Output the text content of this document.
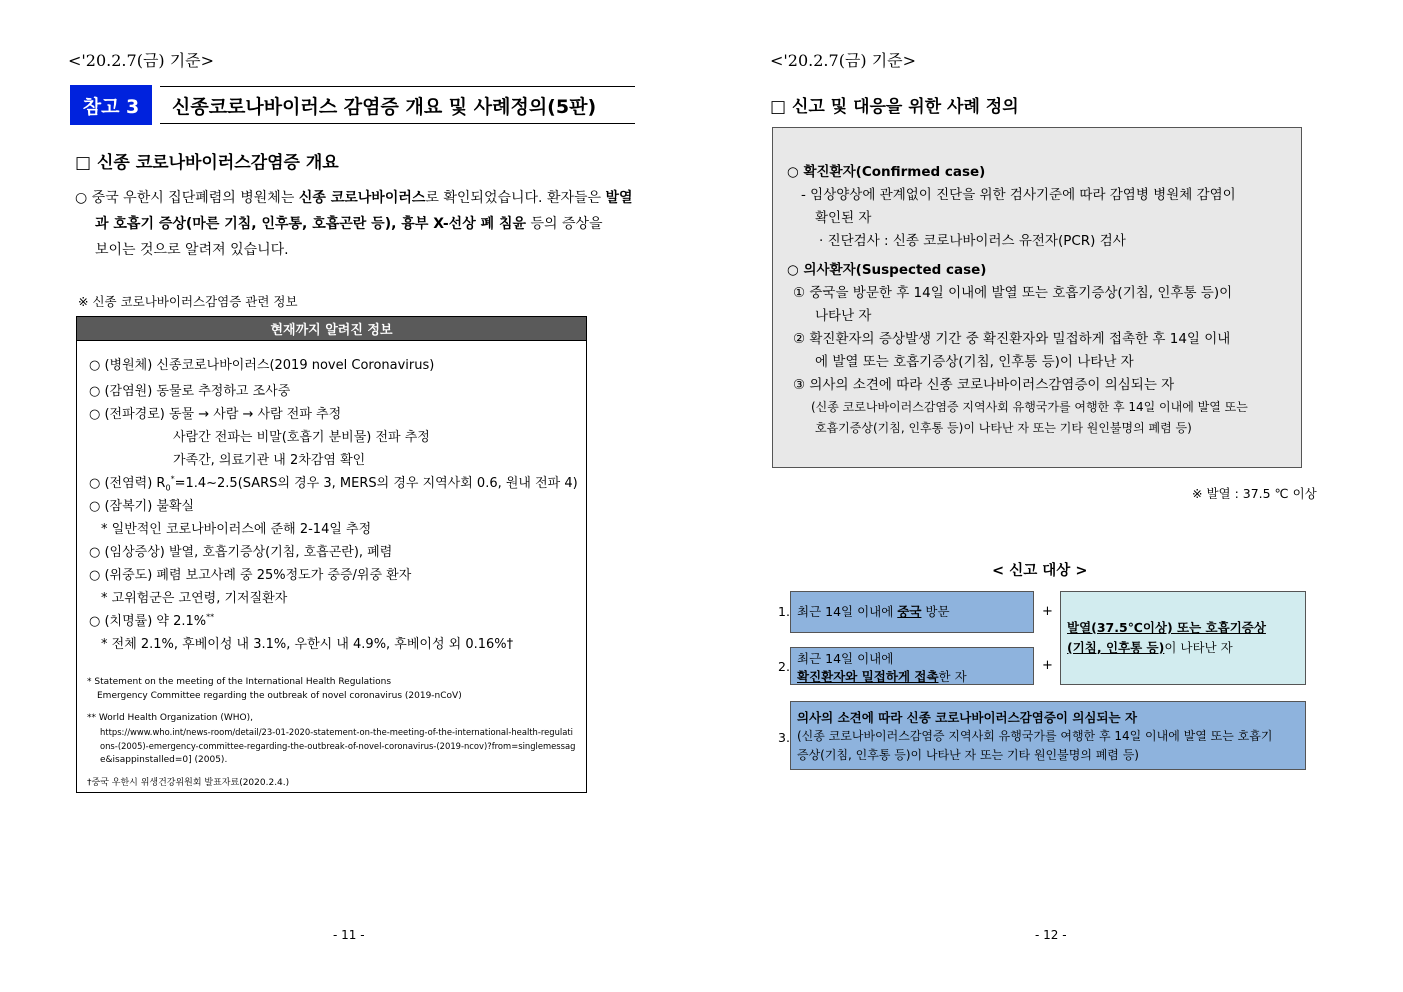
<'20.2.7(금) 기준>
참고 3	신종코로나바이러스 감염증 개요 및 사례정의(5판)
□ 신종 코로나바이러스감염증 개요
○ 중국 우한시 집단폐렴의 병원체는 신종 코로나바이러스로 확인되었습니다. 환자들은 발열
과 호흡기 증상(마른 기침, 인후통, 호흡곤란 등), 흉부 X-선상 폐 침윤 등의 증상을
보이는 것으로 알려져 있습니다.
※ 신종 코로나바이러스감염증 관련 정보
현재까지 알려진 정보
○ (병원체) 신종코로나바이러스(2019 novel Coronavirus)
○ (감염원) 동물로 추정하고 조사중
○ (전파경로) 동물 → 사람 → 사람 전파 추정
사람간 전파는 비말(호흡기 분비물) 전파 추정
가족간, 의료기관 내 2차감염 확인
○ (전염력) $R_0^*=1.4\sim 2.5(SARS$의 경우 3, MERS의 경우 지역사회 0.6, 원내 전파 4)
○ (잠복기) 불확실
* 일반적인 코로나바이러스에 준해 2-14일 추정
○ (임상증상) 발열, 호흡기증상(기침, 호흡곤란), 폐렴
○ (위중도) 폐렴 보고사례 중 25%정도가 중증/위중 환자
* 고위험군은 고연령, 기저질환자
○ (치명률) 약 2.1%**
* 전체 2.1%, 후베이성 내 3.1%, 우한시 내 4.9%, 후베이성 외 0.16%†
* Statement on the meeting of the International Health Regulations
Emergency Committee regarding the outbreak of novel coronavirus (2019-nCoV)
** World Health Organization (WHO),
https://www.who.int/news-room/detail/23-01-2020-statement-on-the-meeting-of-the-international-health-regulati
ons-(2005)-emergency-committee-regarding-the-outbreak-of-novel-coronavirus-(2019-ncov)?from=singlemessag
e&isappinstalled=0] (2005).
†중국 우한시 위생건강위원회 발표자료(2020.2.4.)
- 11 -
<'20.2.7(금) 기준>
□ 신고 및 대응을 위한 사례 정의
○ 확진환자(Confirmed case)
- 임상양상에 관계없이 진단을 위한 검사기준에 따라 감염병 병원체 감염이
확인된 자
· 진단검사 : 신종 코로나바이러스 유전자(PCR) 검사
○ 의사환자(Suspected case)
① 중국을 방문한 후 14일 이내에 발열 또는 호흡기증상(기침, 인후통 등)이
나타난 자
② 확진환자의 증상발생 기간 중 확진환자와 밀접하게 접촉한 후 14일 이내
에 발열 또는 호흡기증상(기침, 인후통 등)이 나타난 자
③ 의사의 소견에 따라 신종 코로나바이러스감염증이 의심되는 자
(신종 코로나바이러스감염증 지역사회 유행국가를 여행한 후 14일 이내에 발열 또는
호흡기증상(기침, 인후통 등)이 나타난 자 또는 기타 원인불명의 폐렴 등)
※ 발열 : 37.5 ℃ 이상
< 신고 대상 >
1.
2.
3.
최근 14일 이내에 중국 방문
최근 14일 이내에
확진환자와 밀접하게 접촉한 자
+
+
발열(37.5℃이상) 또는 호흡기증상
(기침, 인후통 등)이 나타난 자
의사의 소견에 따라 신종 코로나바이러스감염증이 의심되는 자
(신종 코로나바이러스감염증 지역사회 유행국가를 여행한 후 14일 이내에 발열 또는 호흡기
증상(기침, 인후통 등)이 나타난 자 또는 기타 원인불명의 폐렴 등)
- 12 -
